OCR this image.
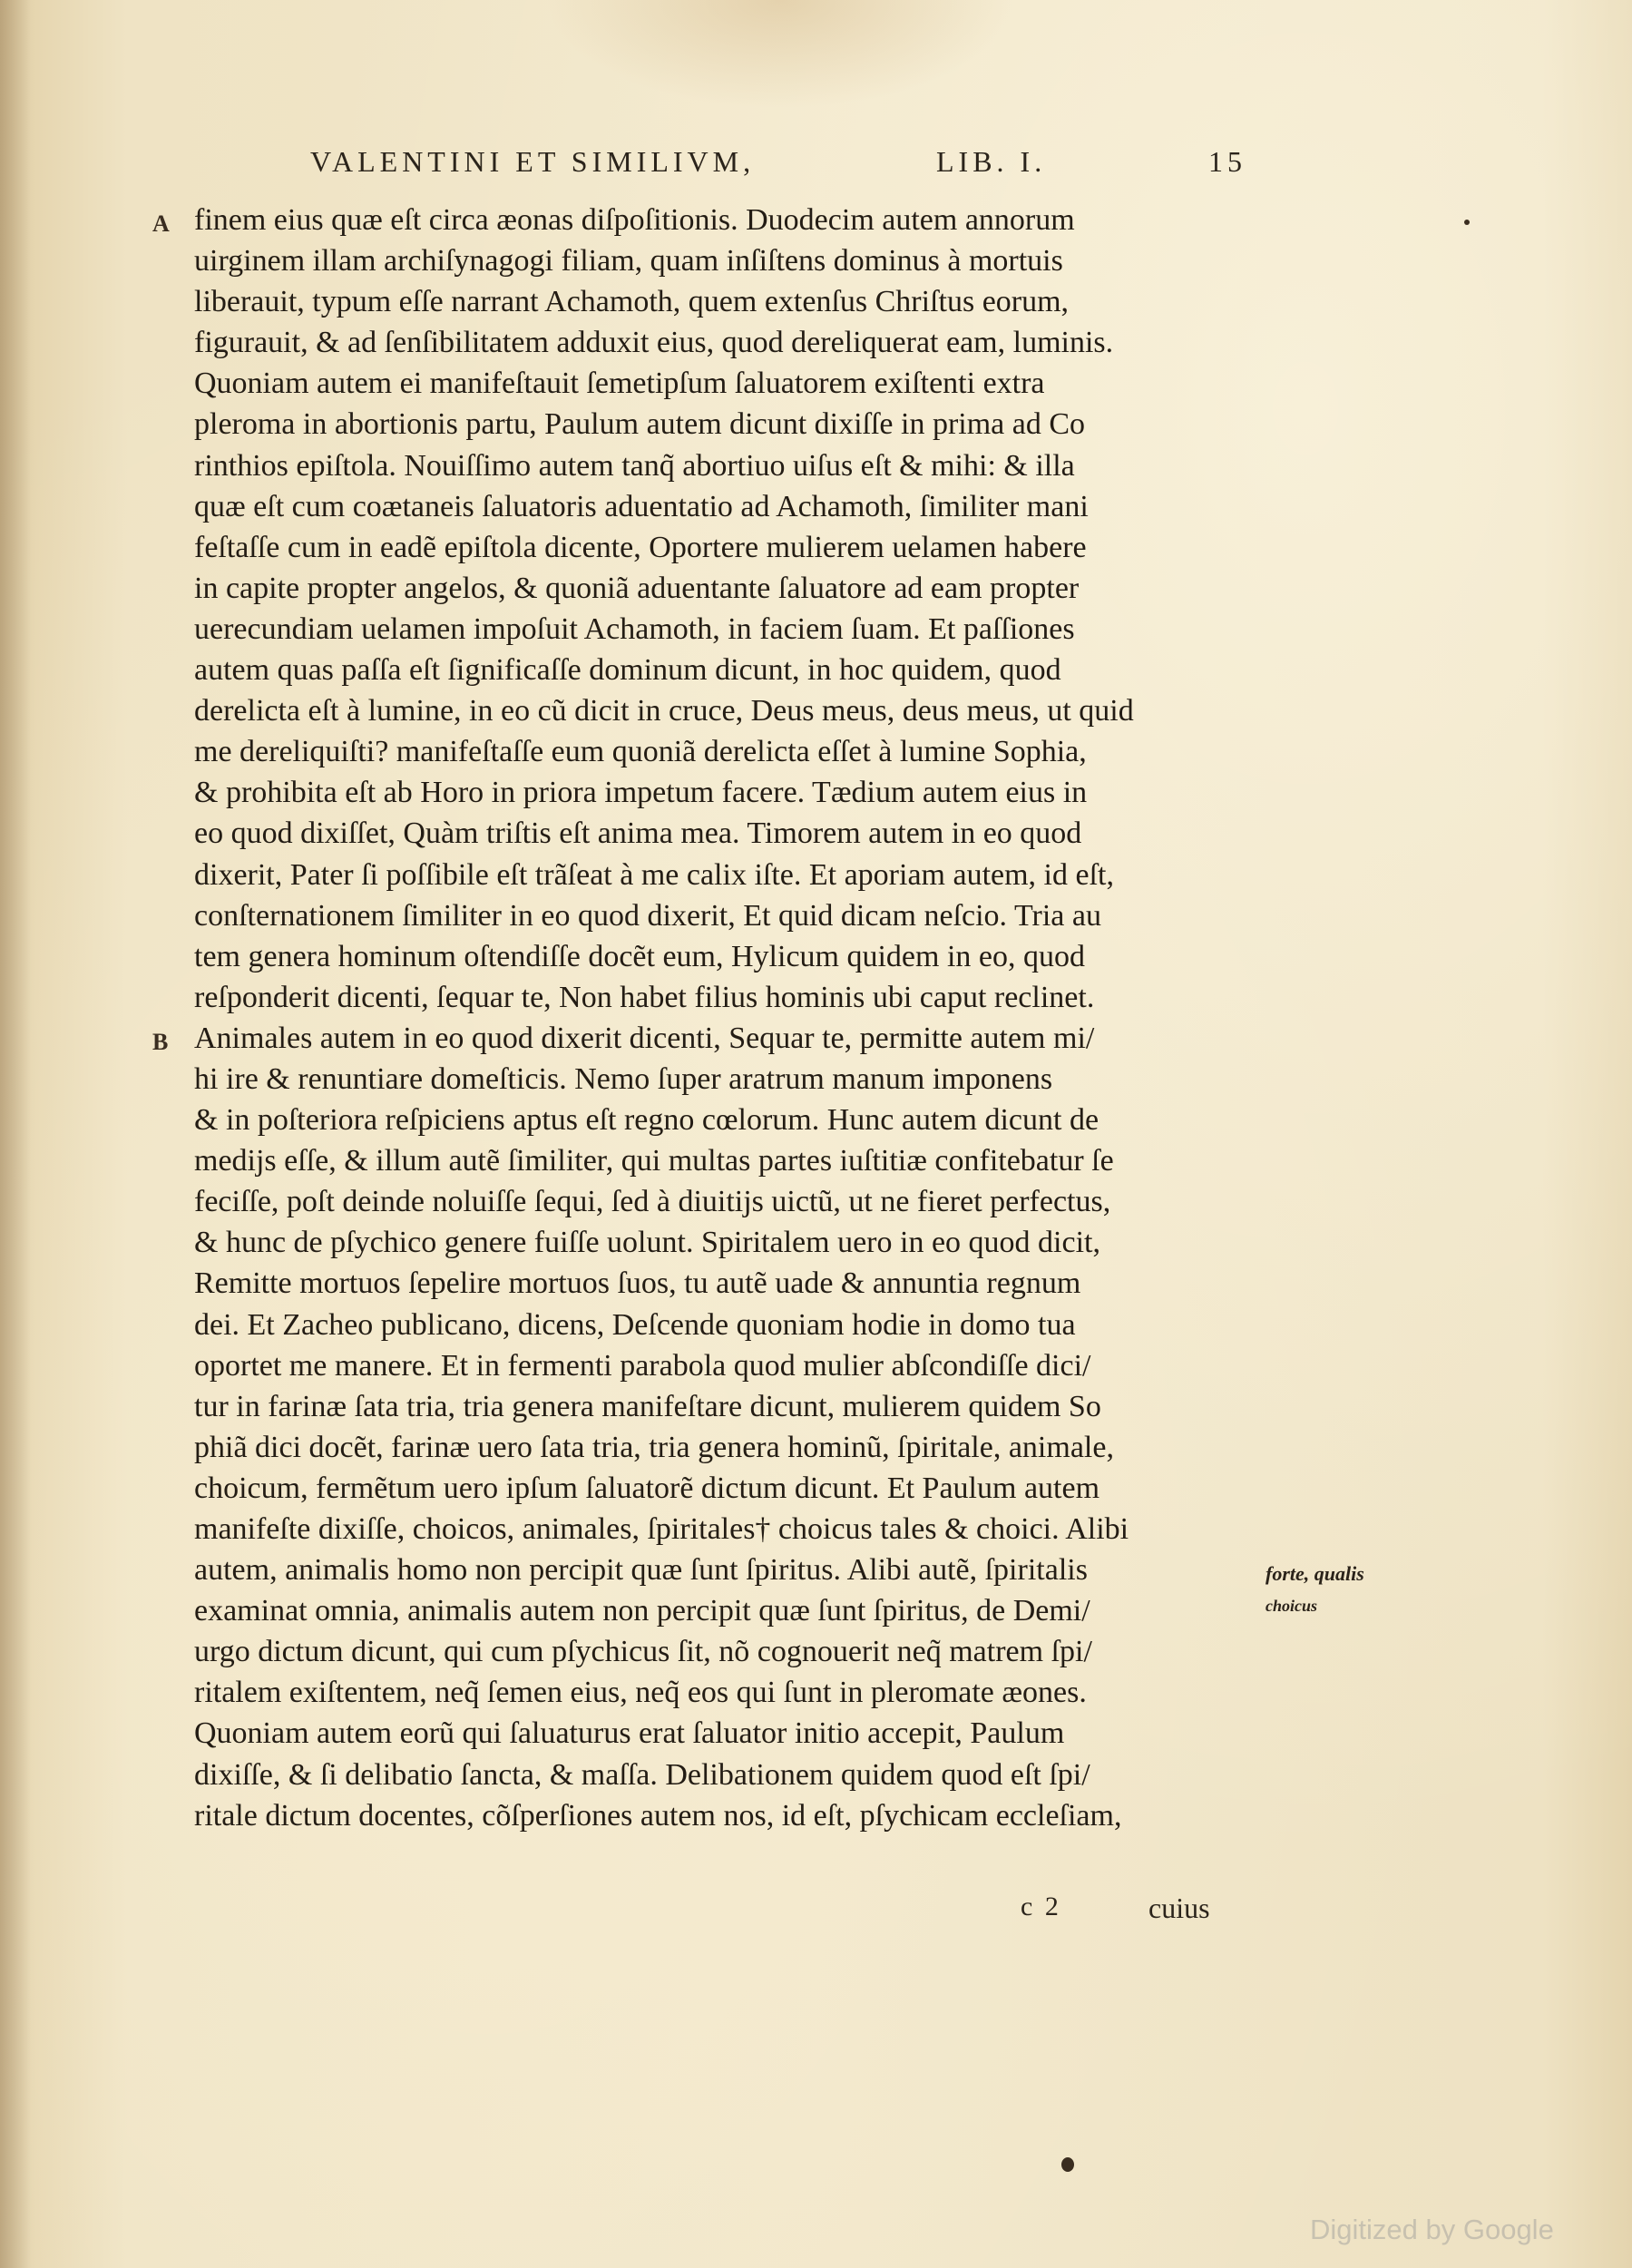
VALENTINI ET SIMILIVM,	LIB. I.	15
A finem eius quæ eſt circa æonas diſpoſitionis. Duodecim autem annorum
uirginem illam archiſynagogi filiam, quam inſiſtens dominus à mortuis
liberauit, typum eſſe narrant Achamoth, quem extenſus Chriſtus eorum,
figurauit, & ad ſenſibilitatem adduxit eius, quod dereliquerat eam, luminis.
Quoniam autem ei manifeſtauit ſemetipſum ſaluatorem exiſtenti extra
pleroma in abortionis partu, Paulum autem dicunt dixiſſe in prima ad Co
rinthios epiſtola. Nouiſſimo autem tanq̃ abortiuo uiſus eſt & mihi: & illa
quæ eſt cum coætaneis ſaluatoris aduentatio ad Achamoth, ſimiliter mani
feſtaſſe cum in eadẽ epiſtola dicente, Oportere mulierem uelamen habere
in capite propter angelos, & quoniã aduentante ſaluatore ad eam propter
uerecundiam uelamen impoſuit Achamoth, in faciem ſuam. Et paſſiones
autem quas paſſa eſt ſignificaſſe dominum dicunt, in hoc quidem, quod
derelicta eſt à lumine, in eo cũ dicit in cruce, Deus meus, deus meus, ut quid
me dereliquiſti? manifeſtaſſe eum quoniã derelicta eſſet à lumine Sophia,
& prohibita eſt ab Horo in priora impetum facere. Tædium autem eius in
eo quod dixiſſet, Quàm triſtis eſt anima mea. Timorem autem in eo quod
dixerit, Pater ſi poſſibile eſt trãſeat à me calix iſte. Et aporiam autem, id eſt,
conſternationem ſimiliter in eo quod dixerit, Et quid dicam neſcio. Tria au
tem genera hominum oſtendiſſe docẽt eum, Hylicum quidem in eo, quod
reſponderit dicenti, ſequar te, Non habet filius hominis ubi caput reclinet.
B Animales autem in eo quod dixerit dicenti, Sequar te, permitte autem mi/
hi ire & renuntiare domeſticis. Nemo ſuper aratrum manum imponens
& in poſteriora reſpiciens aptus eſt regno cœlorum. Hunc autem dicunt de
medijs eſſe, & illum autẽ ſimiliter, qui multas partes iuſtitiæ confitebatur ſe
feciſſe, poſt deinde noluiſſe ſequi, ſed à diuitijs uictũ, ut ne fieret perfectus,
& hunc de pſychico genere fuiſſe uolunt. Spiritalem uero in eo quod dicit,
Remitte mortuos ſepelire mortuos ſuos, tu autẽ uade & annuntia regnum
dei. Et Zacheo publicano, dicens, Deſcende quoniam hodie in domo tua
oportet me manere. Et in fermenti parabola quod mulier abſcondiſſe dici/
tur in farinæ ſata tria, tria genera manifeſtare dicunt, mulierem quidem So
phiã dici docẽt, farinæ uero ſata tria, tria genera hominũ, ſpiritale, animale,
choicum, fermẽtum uero ipſum ſaluatorẽ dictum dicunt. Et Paulum autem
manifeſte dixiſſe, choicos, animales, ſpiritales† choicus tales & choici. Alibi
autem, animalis homo non percipit quæ ſunt ſpiritus. Alibi autẽ, ſpiritalis
examinat omnia, animalis autem non percipit quæ ſunt ſpiritus, de Demi/
urgo dictum dicunt, qui cum pſychicus ſit, nõ cognouerit neq̃ matrem ſpi/
ritalem exiſtentem, neq̃ ſemen eius, neq̃ eos qui ſunt in pleromate æones.
Quoniam autem eorũ qui ſaluaturus erat ſaluator initio accepit, Paulum
dixiſſe, & ſi delibatio ſancta, & maſſa. Delibationem quidem quod eſt ſpi/
ritale dictum docentes, cõſperſiones autem nos, id eſt, pſychicam eccleſiam,
forte, qualis
choicus
c 2	cuius
Digitized by Google
